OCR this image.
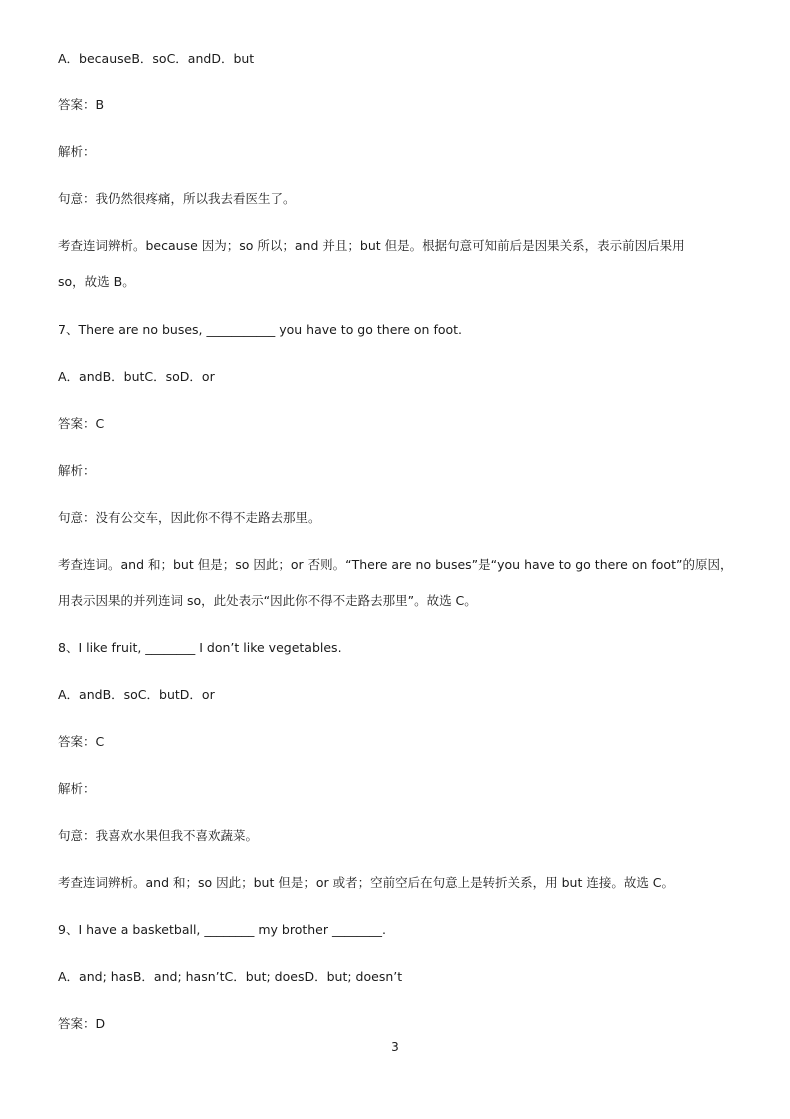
A．becauseB．soC．andD．but
答案：B
解析：
句意：我仍然很疼痛，所以我去看医生了。
考查连词辨析。because 因为；so 所以；and 并且；but 但是。根据句意可知前后是因果关系，表示前因后果用
so，故选 B。
7、There are no buses, ___________ you have to go there on foot.
A．andB．butC．soD．or
答案：C
解析：
句意：没有公交车，因此你不得不走路去那里。
考查连词。and 和；but 但是；so 因此；or 否则。“There are no buses”是“you have to go there on foot”的原因，
用表示因果的并列连词 so，此处表示“因此你不得不走路去那里”。故选 C。
8、I like fruit, ________ I don’t like vegetables.
A．andB．soC．butD．or
答案：C
解析：
句意：我喜欢水果但我不喜欢蔬菜。
考查连词辨析。and 和；so 因此；but 但是；or 或者；空前空后在句意上是转折关系，用 but 连接。故选 C。
9、I have a basketball, ________ my brother ________.
A．and; hasB．and; hasn’tC．but; doesD．but; doesn’t
答案：D
3
